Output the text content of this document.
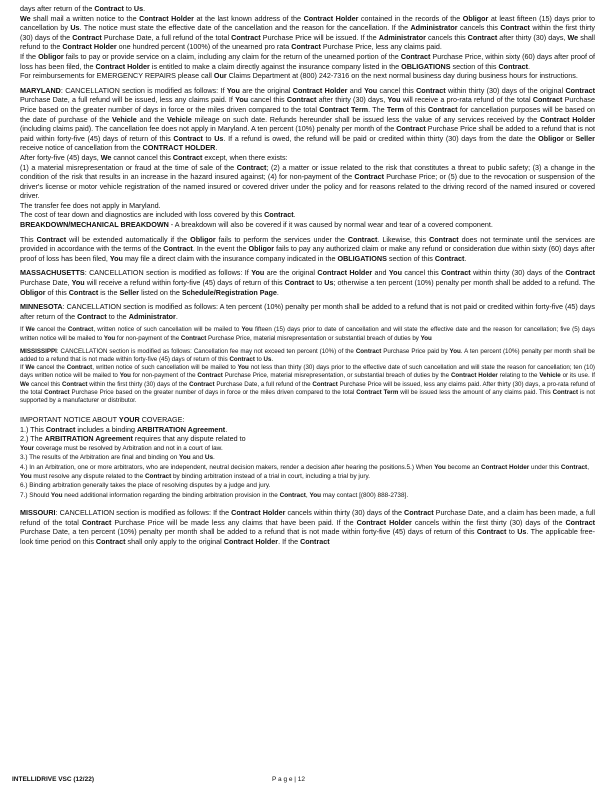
days after return of the Contract to Us.

We shall mail a written notice to the Contract Holder at the last known address of the Contract Holder contained in the records of the Obligor at least fifteen (15) days prior to cancellation by Us. The notice must state the effective date of the cancellation and the reason for the cancellation. If the Administrator cancels this Contract within the first thirty (30) days of the Contract Purchase Date, a full refund of the total Contract Purchase Price will be issued. If the Administrator cancels this Contract after thirty (30) days, We shall refund to the Contract Holder one hundred percent (100%) of the unearned pro rata Contract Purchase Price, less any claims paid.

If the Obligor fails to pay or provide service on a claim, including any claim for the return of the unearned portion of the Contract Purchase Price, within sixty (60) days after proof of loss has been filed, the Contract Holder is entitled to make a claim directly against the insurance company listed in the OBLIGATIONS section of this Contract.

For reimbursements for EMERGENCY REPAIRS please call Our Claims Department at (800) 242-7316 on the next normal business day during business hours for instructions.

MARYLAND: CANCELLATION section is modified as follows: If You are the original Contract Holder and You cancel this Contract within thirty (30) days of the original Contract Purchase Date, a full refund will be issued, less any claims paid. If You cancel this Contract after thirty (30) days, You will receive a pro-rata refund of the total Contract Purchase Price based on the greater number of days in force or the miles driven compared to the total Contract Term. The Term of this Contract for cancellation purposes will be based on the date of purchase of the Vehicle and the Vehicle mileage on such date. Refunds hereunder shall be issued less the value of any services received by the Contract Holder (including claims paid). The cancellation fee does not apply in Maryland. A ten percent (10%) penalty per month of the Contract Purchase Price shall be added to a refund that is not paid within forty-five (45) days of return of this Contract to Us. If a refund is owed, the refund will be paid or credited within thirty (30) days from the date the Obligor or Seller receive notice of cancellation from the CONTRACT HOLDER.

After forty-five (45) days, We cannot cancel this Contract except, when there exists:

(1) a material misrepresentation or fraud at the time of sale of the Contract; (2) a matter or issue related to the risk that constitutes a threat to public safety; (3) a change in the condition of the risk that results in an increase in the hazard insured against; (4) for non-payment of the Contract Purchase Price; or (5) due to the revocation or suspension of the driver's license or motor vehicle registration of the named insured or covered driver under the policy and for reasons related to the driving record of the named insured or covered driver.

The transfer fee does not apply in Maryland.

The cost of tear down and diagnostics are included with loss covered by this Contract.

BREAKDOWN/MECHANICAL BREAKDOWN - A breakdown will also be covered if it was caused by normal wear and tear of a covered component.

This Contract will be extended automatically if the Obligor fails to perform the services under the Contract. Likewise, this Contract does not terminate until the services are provided in accordance with the terms of the Contract. In the event the Obligor fails to pay any authorized claim or make any refund or consideration due within sixty (60) days after proof of loss has been filed, You may file a direct claim with the insurance company indicated in the OBLIGATIONS section of this Contract.

MASSACHUSETTS: CANCELLATION section is modified as follows: If You are the original Contract Holder and You cancel this Contract within thirty (30) days of the Contract Purchase Date, You will receive a refund within forty-five (45) days of return of this Contract to Us; otherwise a ten percent (10%) penalty per month shall be added to a refund. The Obligor of this Contract is the Seller listed on the Schedule/Registration Page.

MINNESOTA: CANCELLATION section is modified as follows: A ten percent (10%) penalty per month shall be added to a refund that is not paid or credited within forty-five (45) days after return of the Contract to the Administrator.

If We cancel the Contract, written notice of such cancellation will be mailed to You fifteen (15) days prior to date of cancellation and will state the effective date and the reason for cancellation; five (5) days written notice will be mailed to You for non-payment of the Contract Purchase Price, material misrepresentation or substantial breach of duties by You

MISSISSIPPI: CANCELLATION section is modified as follows: Cancellation fee may not exceed ten percent (10%) of the Contract Purchase Price paid by You. A ten percent (10%) penalty per month shall be added to a refund that is not made within forty-five (45) days of return of this Contract to Us.

If We cancel the Contract, written notice of such cancellation will be mailed to You not less than thirty (30) days prior to the effective date of such cancellation and will state the reason for cancellation; ten (10) days written notice will be mailed to You for non-payment of the Contract Purchase Price, material misrepresentation, or substantial breach of duties by the Contract Holder relating to the Vehicle or its use. If We cancel this Contract within the first thirty (30) days of the Contract Purchase Date, a full refund of the Contract Purchase Price will be issued, less any claims paid. After thirty (30) days, a pro-rata refund of the total Contract Purchase Price based on the greater number of days in force or the miles driven compared to the total Contract Term will be issued less the amount of any claims paid. This Contract is not supported by a manufacturer or distributor.

IMPORTANT NOTICE ABOUT YOUR COVERAGE:

1.) This Contract includes a binding ARBITRATION Agreement.

2.) The ARBITRATION Agreement requires that any dispute related to

Your coverage must be resolved by Arbitration and not in a court of law.

3.) The results of the Arbitration are final and binding on You and Us.

4.) In an Arbitration, one or more arbitrators, who are independent, neutral decision makers, render a decision after hearing the positions.5.) When You become an Contract Holder under this Contract, You must resolve any dispute related to the Contract by binding arbitration instead of a trial in court, including a trial by jury.

6.) Binding arbitration generally takes the place of resolving disputes by a judge and jury.

7.) Should You need additional information regarding the binding arbitration provision in the Contract, You may contact [(800) 888-2738].

MISSOURI: CANCELLATION section is modified as follows: If the Contract Holder cancels within thirty (30) days of the Contract Purchase Date, and a claim has been made, a full refund of the total Contract Purchase Price will be made less any claims that have been paid. If the Contract Holder cancels within the first thirty (30) days of the Contract Purchase Date, a ten percent (10%) penalty per month shall be added to a refund that is not made within forty-five (45) days of return of this Contract to Us. The applicable free-look time period on this Contract shall only apply to the original Contract Holder. If the Contract

INTELLIDRIVE VSC (12/22)	P a g e | 12
